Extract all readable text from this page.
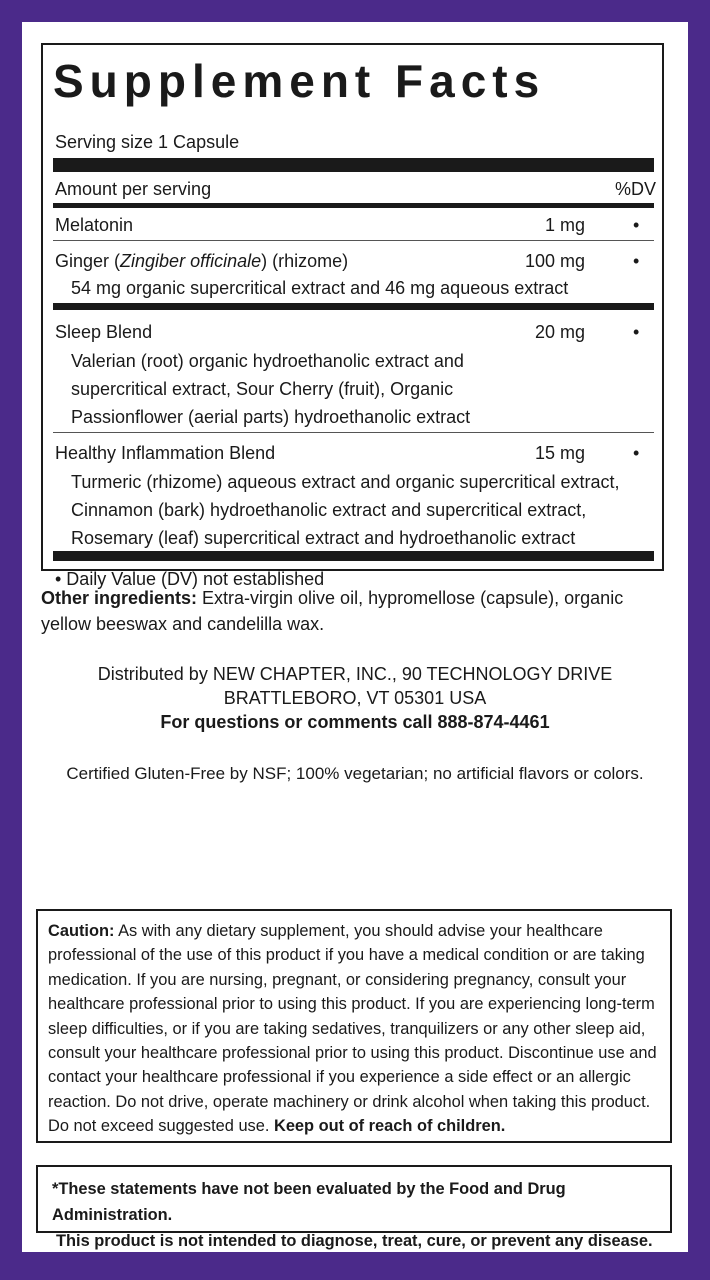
Supplement Facts
Serving size 1 Capsule
Amount per serving	%DV
Melatonin	1 mg	•
Ginger (Zingiber officinale) (rhizome)	100 mg	•
54 mg organic supercritical extract and 46 mg aqueous extract
Sleep Blend	20 mg	•
Valerian (root) organic hydroethanolic extract and
supercritical extract, Sour Cherry (fruit), Organic
Passionflower (aerial parts) hydroethanolic extract
Healthy Inflammation Blend	15 mg	•
Turmeric (rhizome) aqueous extract and organic supercritical extract,
Cinnamon (bark) hydroethanolic extract and supercritical extract,
Rosemary (leaf) supercritical extract and hydroethanolic extract
• Daily Value (DV) not established
Other ingredients: Extra-virgin olive oil, hypromellose (capsule), organic
yellow beeswax and candelilla wax.
Distributed by NEW CHAPTER, INC., 90 TECHNOLOGY DRIVE
BRATTLEBORO, VT 05301 USA
For questions or comments call 888-874-4461
Certified Gluten-Free by NSF; 100% vegetarian; no artificial flavors or colors.
Caution: As with any dietary supplement, you should advise your healthcare professional of the use of this product if you have a medical condition or are taking medication. If you are nursing, pregnant, or considering pregnancy, consult your healthcare professional prior to using this product. If you are experiencing long-term sleep difficulties, or if you are taking sedatives, tranquilizers or any other sleep aid, consult your healthcare professional prior to using this product. Discontinue use and contact your healthcare professional if you experience a side effect or an allergic reaction. Do not drive, operate machinery or drink alcohol when taking this product. Do not exceed suggested use. Keep out of reach of children.
*These statements have not been evaluated by the Food and Drug Administration.
This product is not intended to diagnose, treat, cure, or prevent any disease.
